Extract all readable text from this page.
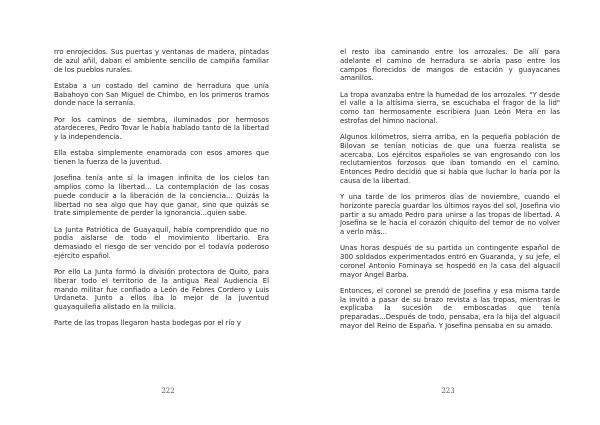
rro enrojecidos. Sus puertas y ventanas de madera, pintadas de azul añil, daban el ambiente sencillo de campiña familiar de los pueblos rurales.

Estaba a un costado del camino de herradura que unía Babahoyo con San Miguel de Chimbo, en los primeros tramos donde nace la serranía.

Por los caminos de siembra, iluminados por hermosos atardeceres, Pedro Tovar le había hablado tanto de la libertad y la independencia.

Ella estaba simplemente enamorada con esos amores que tienen la fuerza de la juventud.

Josefina tenía ante sí la imagen infinita de los cielos tan amplios como la libertad... La contemplación de las cosas puede conducir a la liberación de la conciencia... Quizás la libertad no sea algo que hay que ganar, sino que quizás se trate simplemente de perder la ignorancia...quien sabe.

La Junta Patriótica de Guayaquil, había comprendido que no podía aislarse de todo el movimiento libertario. Era demasiado el riesgo de ser vencido por el todavía poderoso ejército español.

Por ello La Junta formó la división protectora de Quito, para liberar todo el territorio de la antigua Real Audiencia El mando militar fue confiado a León de Febres Cordero y Luis Urdaneta. Junto a ellos iba lo mejor de la juventud guayaquileña alistado en la milicia.

Parte de las tropas llegaron hasta bodegas por el río y

222

el resto iba caminando entre los arrozales. De allí para adelante el camino de herradura se abría paso entre los campos florecidos de mangos de estación y guayacanes amarillos.

La tropa avanzaba entre la humedad de los arrozales. "Y desde el valle a la altísima sierra, se escuchaba el fragor de la lid" como tan hermosamente escribiera Juan León Mera en las estrofas del himno nacional.

Algunos kilómetros, sierra arriba, en la pequeña población de Bilovan se tenían noticias de que una fuerza realista se acercaba. Los ejércitos españoles se van engrosando con los reclutamientos forzosos que iban tomando en el camino. Entonces Pedro decidió que si había que luchar lo haría por la causa de la libertad.

Y una tarde de los primeros días de noviembre, cuando el horizonte parecía guardar los últimos rayos del sol, Josefina vio partir a su amado Pedro para unirse a las tropas de libertad. A Josefina se le hacía el corazón chiquito del temor de no volver a verlo más...

Unas horas después de su partida un contingente español de 300 soldados experimentados entró en Guaranda, y su jefe, el coronel Antonio Fominaya se hospedó en la casa del alguacil mayor Ángel Barba.

Entonces, el coronel se prendó de Josefina y esa misma tarde la invitó a pasar de su brazo revista a las tropas, mientras le explicaba la sucesión de emboscadas que tenía preparadas...Después de todo, pensaba, era la hija del alguacil mayor del Reino de España. Y Josefina pensaba en su amado.

223
